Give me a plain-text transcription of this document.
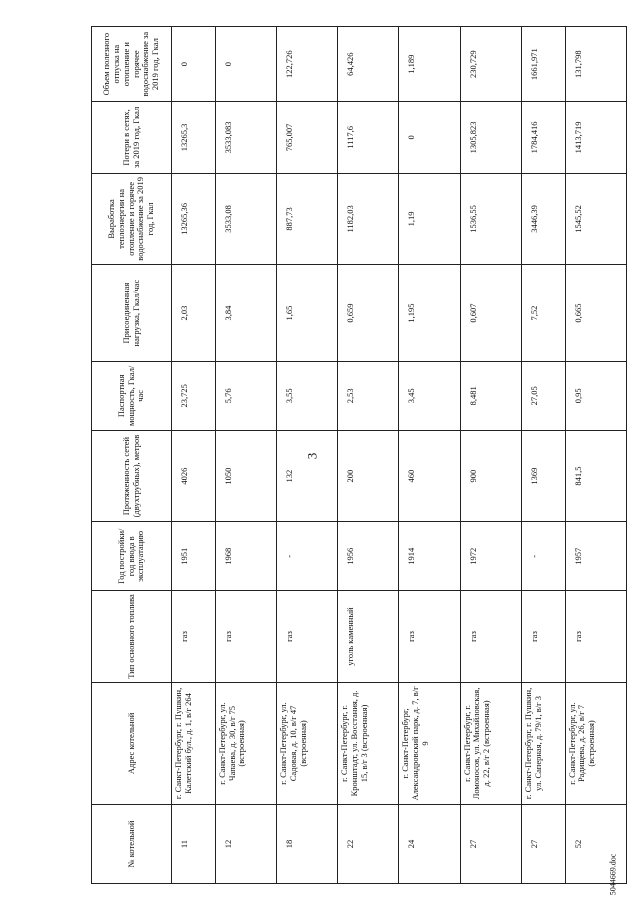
3
№ котельной	Адрес котельной	Тип основного топлива	Год постройки/ год ввода в эксплуатацию	Протяженность сетей (двухтрубных), метров	Паспортная мощность, Гкал/час	Присоединенная нагрузка, Гкал/час	Выработка теплоэнергии на отопление и горячее водоснабжение за 2019 год, Гкал	Потери в сетях, за 2019 год, Гкал	Объем полезного отпуска на отопление и горячее водоснабжение за 2019 год, Гкал
11	г. Санкт-Петербург, г. Пушкин, Калетский бул., д. 1, в/г 264	газ	1951	4026	23,725	2,03	13265,36	13265,3	0
12	г. Санкт-Петербург, ул. Чапаева, д. 30, в/г 75 (встроенная)	газ	1968	1050	5,76	3,84	3533,08	3533,083	0
18	г. Санкт-Петербург, ул. Садовая, д. 10, в/г 47 (встроенная)	газ	-	132	3,55	1,65	887,73	765,007	122,726
22	г. Санкт-Петербург, г. Кронштадт, ул. Восстания, д. 15, в/г 3 (встроенная)	уголь каменный	1956	200	2,53	0,659	1182,03	1117,6	64,426
24	г. Санкт-Петербург, Александровский парк, д. 7, в/г 9	газ	1914	460	3,45	1,195	1,19	0	1,189
27	г. Санкт-Петербург, г. Ломоносов, ул. Михайловская, д. 22, в/г 2 (встроенная)	газ	1972	900	8,481	0,607	1536,55	1305,823	230,729
27	г. Санкт-Петербург, г. Пушкин, ул. Саперная, д. 79/1, в/г 3	газ	-	1369	27,05	7,52	3446,39	1784,416	1661,971
52	г. Санкт-Петербург, ул. Радищева, д. 26, в/г 7 (встроенная)	газ	1957	841,5	0,95	0,665	1545,52	1413,719	131,798
5044669.doc
